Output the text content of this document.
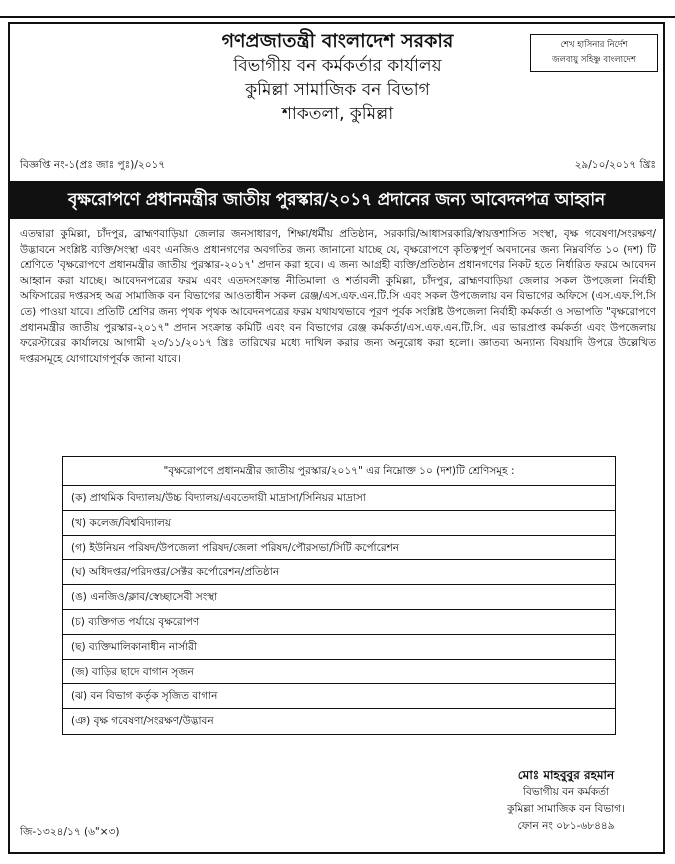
গণপ্রজাতন্ত্রী বাংলাদেশ সরকার
বিভাগীয় বন কর্মকর্তার কার্যালয়
কুমিল্লা সামাজিক বন বিভাগ
শাকতলা, কুমিল্লা
শেখ হাসিনার নির্দেশ
জলবায়ু সহিষ্ণু বাংলাদেশ
বিজ্ঞপ্তি নং-১(প্রঃ জাঃ পুঃ)/২০১৭	২৯/১০/২০১৭ খ্রিঃ
বৃক্ষরোপণে প্রধানমন্ত্রীর জাতীয় পুরস্কার/২০১৭ প্রদানের জন্য আবেদনপত্র আহ্বান
এতদ্বারা কুমিল্লা, চাঁদপুর, ব্রাহ্মণবাড়িয়া জেলার জনসাধারণ, শিক্ষা/ধর্মীয় প্রতিষ্ঠান, সরকারি/আধাসরকারি/স্বায়ত্তশাসিত সংস্থা, বৃক্ষ গবেষণা/সংরক্ষণ/উদ্ভাবনে সংশ্লিষ্ট ব্যক্তি/সংস্থা এবং এনজিও প্রধানগণের অবগতির জন্য জানানো যাচ্ছে যে, বৃক্ষরোপণে কৃতিত্বপূর্ণ অবদানের জন্য নিম্নবর্ণিত ১০ (দশ) টি শ্রেণিতে 'বৃক্ষরোপণে প্রধানমন্ত্রীর জাতীয় পুরস্কার-২০১৭' প্রদান করা হবে। এ জন্য আগ্রহী ব্যক্তি/প্রতিষ্ঠান প্রধানগণের নিকট হতে নির্ধারিত ফরমে আবেদন আহ্বান করা যাচ্ছে। আবেদনপত্রের ফরম এবং এতদসংক্রান্ত নীতিমালা ও শর্তাবলী কুমিল্লা, চাঁদপুর, ব্রাহ্মণবাড়িয়া জেলার সকল উপজেলা নির্বাহী অফিসারের দপ্তরসহ অত্র সামাজিক বন বিভাগের আওতাধীন সকল রেঞ্জ/এস.এফ.এন.টি.সি এবং সকল উপজেলায় বন বিভাগের অফিসে (এস.এফ.পি.সি তে) পাওয়া যাবে। প্রতিটি শ্রেণির জন্য পৃথক পৃথক আবেদনপত্রের ফরম যথাযথভাবে পূরণ পূর্বক সংশ্লিষ্ট উপজেলা নির্বাহী কর্মকর্তা ও সভাপতি "বৃক্ষরোপণে প্রধানমন্ত্রীর জাতীয় পুরস্কার-২০১৭" প্রদান সংক্রান্ত কমিটি এবং বন বিভাগের রেঞ্জ কর্মকর্তা/এস.এফ.এন.টি.সি. এর ভারপ্রাপ্ত কর্মকর্তা এবং উপজেলায় ফরেস্টারের কার্যালয়ে আগামী ২৩/১১/২০১৭ খ্রিঃ তারিখের মধ্যে দাখিল করার জন্য অনুরোধ করা হলো। জ্ঞাতব্য অন্যান্য বিষয়াদি উপরে উল্লেখিত দপ্তরসমূহে যোগাযোগপূর্বক জানা যাবে।
"বৃক্ষরোপণে প্রধানমন্ত্রীর জাতীয় পুরস্কার/২০১৭" এর নিম্নোক্ত ১০ (দশ)টি শ্রেণিসমূহ :
(ক) প্রাথমিক বিদ্যালয়/উচ্চ বিদ্যালয়/এবতেদায়ী মাদ্রাসা/সিনিয়র মাদ্রাসা
(খ) কলেজ/বিশ্ববিদ্যালয়
(গ) ইউনিয়ন পরিষদ/উপজেলা পরিষদ/জেলা পরিষদ/পৌরসভা/সিটি কর্পোরেশন
(ঘ) অধিদপ্তর/পরিদপ্তর/সেক্টর কর্পোরেশন/প্রতিষ্ঠান
(ঙ) এনজিও/ক্লাব/স্বেচ্ছাসেবী সংস্থা
(চ) ব্যক্তিগত পর্যায়ে বৃক্ষরোপণ
(ছ) ব্যক্তিমালিকানাধীন নার্সারী
(জ) বাড়ির ছাদে বাগান সৃজন
(ঝ) বন বিভাগ কর্তৃক সৃজিত বাগান
(ঞ) বৃক্ষ গবেষণা/সংরক্ষণ/উদ্ভাবন
মোঃ মাহবুবুর রহমান
বিভাগীয় বন কর্মকর্তা
কুমিল্লা সামাজিক বন বিভাগ।
ফোন নং ০৮১-৬৮৪৪৯
জি-১৩২৪/১৭ (৬"×৩)
